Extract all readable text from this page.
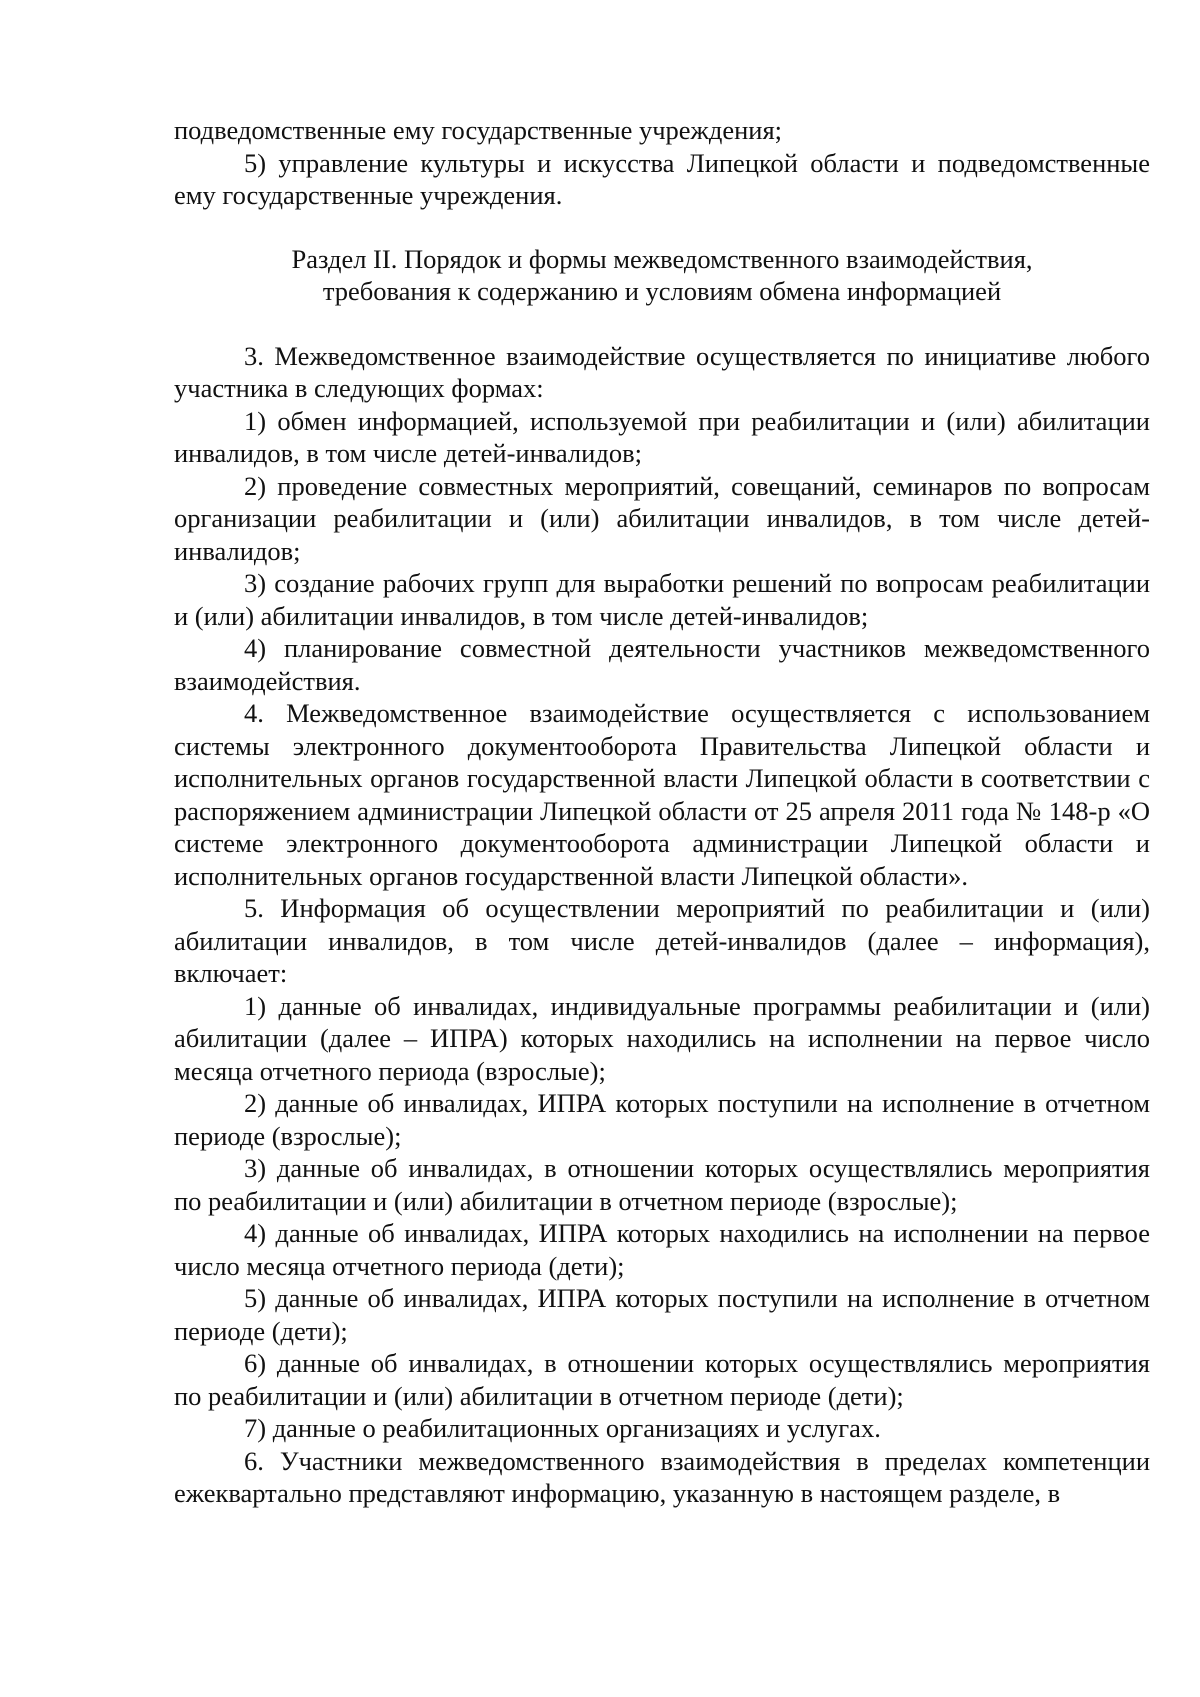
подведомственные ему государственные учреждения;

5) управление культуры и искусства Липецкой области и подведомственные ему государственные учреждения.

Раздел II. Порядок и формы межведомственного взаимодействия,
требования к содержанию и условиям обмена информацией

3. Межведомственное взаимодействие осуществляется по инициативе любого участника в следующих формах:

1) обмен информацией, используемой при реабилитации и (или) абилитации инвалидов, в том числе детей-инвалидов;

2) проведение совместных мероприятий, совещаний, семинаров по вопросам организации реабилитации и (или) абилитации инвалидов, в том числе детей-инвалидов;

3) создание рабочих групп для выработки решений по вопросам реабилитации и (или) абилитации инвалидов, в том числе детей-инвалидов;

4) планирование совместной деятельности участников межведомственного взаимодействия.

4. Межведомственное взаимодействие осуществляется с использованием системы электронного документооборота Правительства Липецкой области и исполнительных органов государственной власти Липецкой области в соответствии с распоряжением администрации Липецкой области от 25 апреля 2011 года № 148-р «О системе электронного документооборота администрации Липецкой области и исполнительных органов государственной власти Липецкой области».

5. Информация об осуществлении мероприятий по реабилитации и (или) абилитации инвалидов, в том числе детей-инвалидов (далее – информация), включает:

1) данные об инвалидах, индивидуальные программы реабилитации и (или) абилитации (далее – ИПРА) которых находились на исполнении на первое число месяца отчетного периода (взрослые);

2) данные об инвалидах, ИПРА которых поступили на исполнение в отчетном периоде (взрослые);

3) данные об инвалидах, в отношении которых осуществлялись мероприятия по реабилитации и (или) абилитации в отчетном периоде (взрослые);

4) данные об инвалидах, ИПРА которых находились на исполнении на первое число месяца отчетного периода (дети);

5) данные об инвалидах, ИПРА которых поступили на исполнение в отчетном периоде (дети);

6) данные об инвалидах, в отношении которых осуществлялись мероприятия по реабилитации и (или) абилитации в отчетном периоде (дети);

7) данные о реабилитационных организациях и услугах.

6. Участники межведомственного взаимодействия в пределах компетенции ежеквартально представляют информацию, указанную в настоящем разделе, в
